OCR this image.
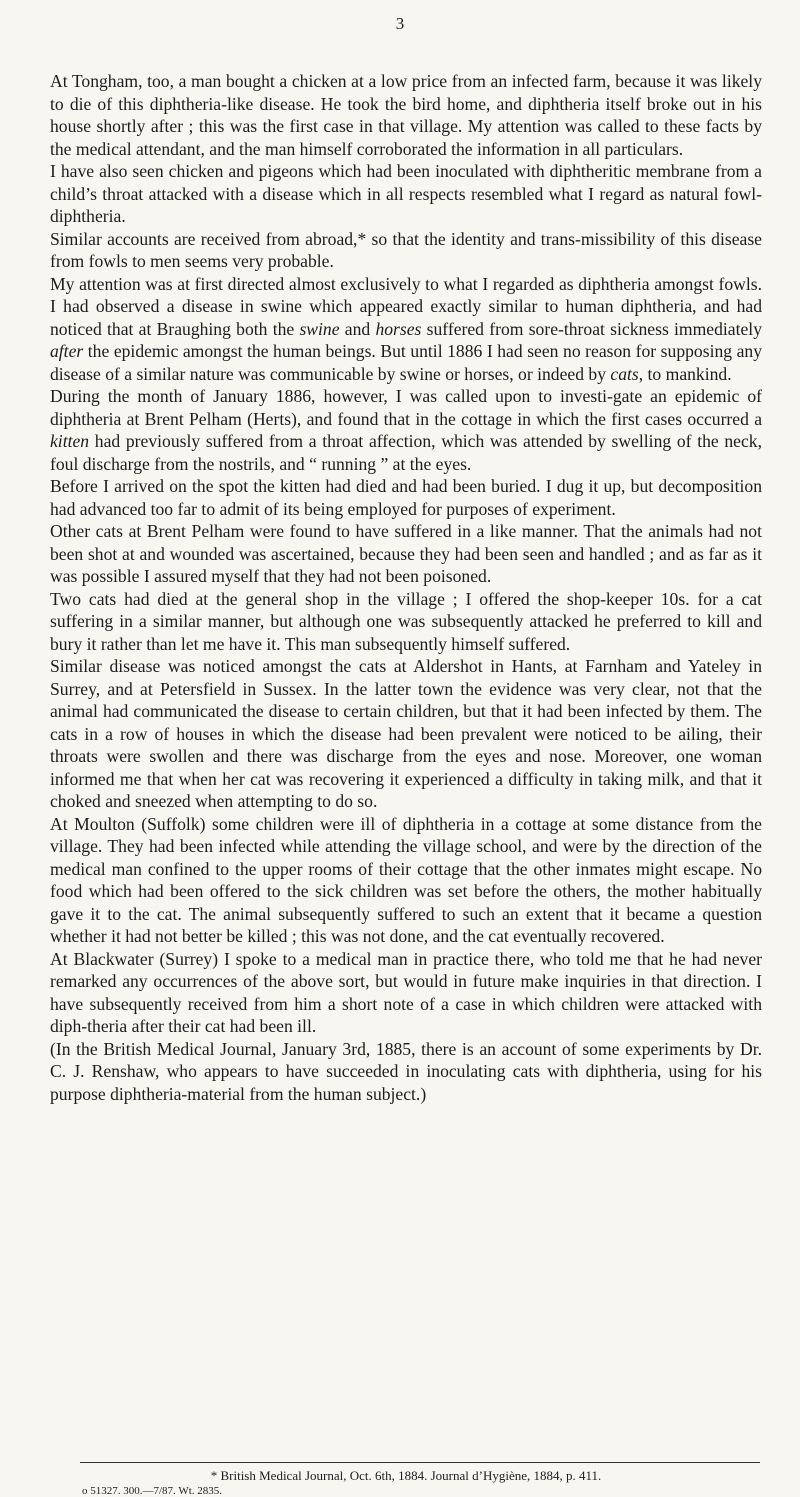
3

At Tongham, too, a man bought a chicken at a low price from an infected farm, because it was likely to die of this diphtheria-like disease. He took the bird home, and diphtheria itself broke out in his house shortly after ; this was the first case in that village. My attention was called to these facts by the medical attendant, and the man himself corroborated the information in all particulars.

I have also seen chicken and pigeons which had been inoculated with diphtheritic membrane from a child’s throat attacked with a disease which in all respects resembled what I regard as natural fowl-diphtheria.

Similar accounts are received from abroad,* so that the identity and trans-missibility of this disease from fowls to men seems very probable.

My attention was at first directed almost exclusively to what I regarded as diphtheria amongst fowls. I had observed a disease in swine which appeared exactly similar to human diphtheria, and had noticed that at Braughing both the swine and horses suffered from sore-throat sickness immediately after the epidemic amongst the human beings. But until 1886 I had seen no reason for supposing any disease of a similar nature was communicable by swine or horses, or indeed by cats, to mankind.

During the month of January 1886, however, I was called upon to investi-gate an epidemic of diphtheria at Brent Pelham (Herts), and found that in the cottage in which the first cases occurred a kitten had previously suffered from a throat affection, which was attended by swelling of the neck, foul discharge from the nostrils, and “ running ” at the eyes.

Before I arrived on the spot the kitten had died and had been buried. I dug it up, but decomposition had advanced too far to admit of its being employed for purposes of experiment.

Other cats at Brent Pelham were found to have suffered in a like manner. That the animals had not been shot at and wounded was ascertained, because they had been seen and handled ; and as far as it was possible I assured myself that they had not been poisoned.

Two cats had died at the general shop in the village ; I offered the shop-keeper 10s. for a cat suffering in a similar manner, but although one was subsequently attacked he preferred to kill and bury it rather than let me have it. This man subsequently himself suffered.

Similar disease was noticed amongst the cats at Aldershot in Hants, at Farnham and Yateley in Surrey, and at Petersfield in Sussex. In the latter town the evidence was very clear, not that the animal had communicated the disease to certain children, but that it had been infected by them. The cats in a row of houses in which the disease had been prevalent were noticed to be ailing, their throats were swollen and there was discharge from the eyes and nose. Moreover, one woman informed me that when her cat was recovering it experienced a difficulty in taking milk, and that it choked and sneezed when attempting to do so.

At Moulton (Suffolk) some children were ill of diphtheria in a cottage at some distance from the village. They had been infected while attending the village school, and were by the direction of the medical man confined to the upper rooms of their cottage that the other inmates might escape. No food which had been offered to the sick children was set before the others, the mother habitually gave it to the cat. The animal subsequently suffered to such an extent that it became a question whether it had not better be killed ; this was not done, and the cat eventually recovered.

At Blackwater (Surrey) I spoke to a medical man in practice there, who told me that he had never remarked any occurrences of the above sort, but would in future make inquiries in that direction. I have subsequently received from him a short note of a case in which children were attacked with diph-theria after their cat had been ill.

(In the British Medical Journal, January 3rd, 1885, there is an account of some experiments by Dr. C. J. Renshaw, who appears to have succeeded in inoculating cats with diphtheria, using for his purpose diphtheria-material from the human subject.)

* British Medical Journal, Oct. 6th, 1884. Journal d’Hygiène, 1884, p. 411.
o 51327. 300.—7/87. Wt. 2835.
